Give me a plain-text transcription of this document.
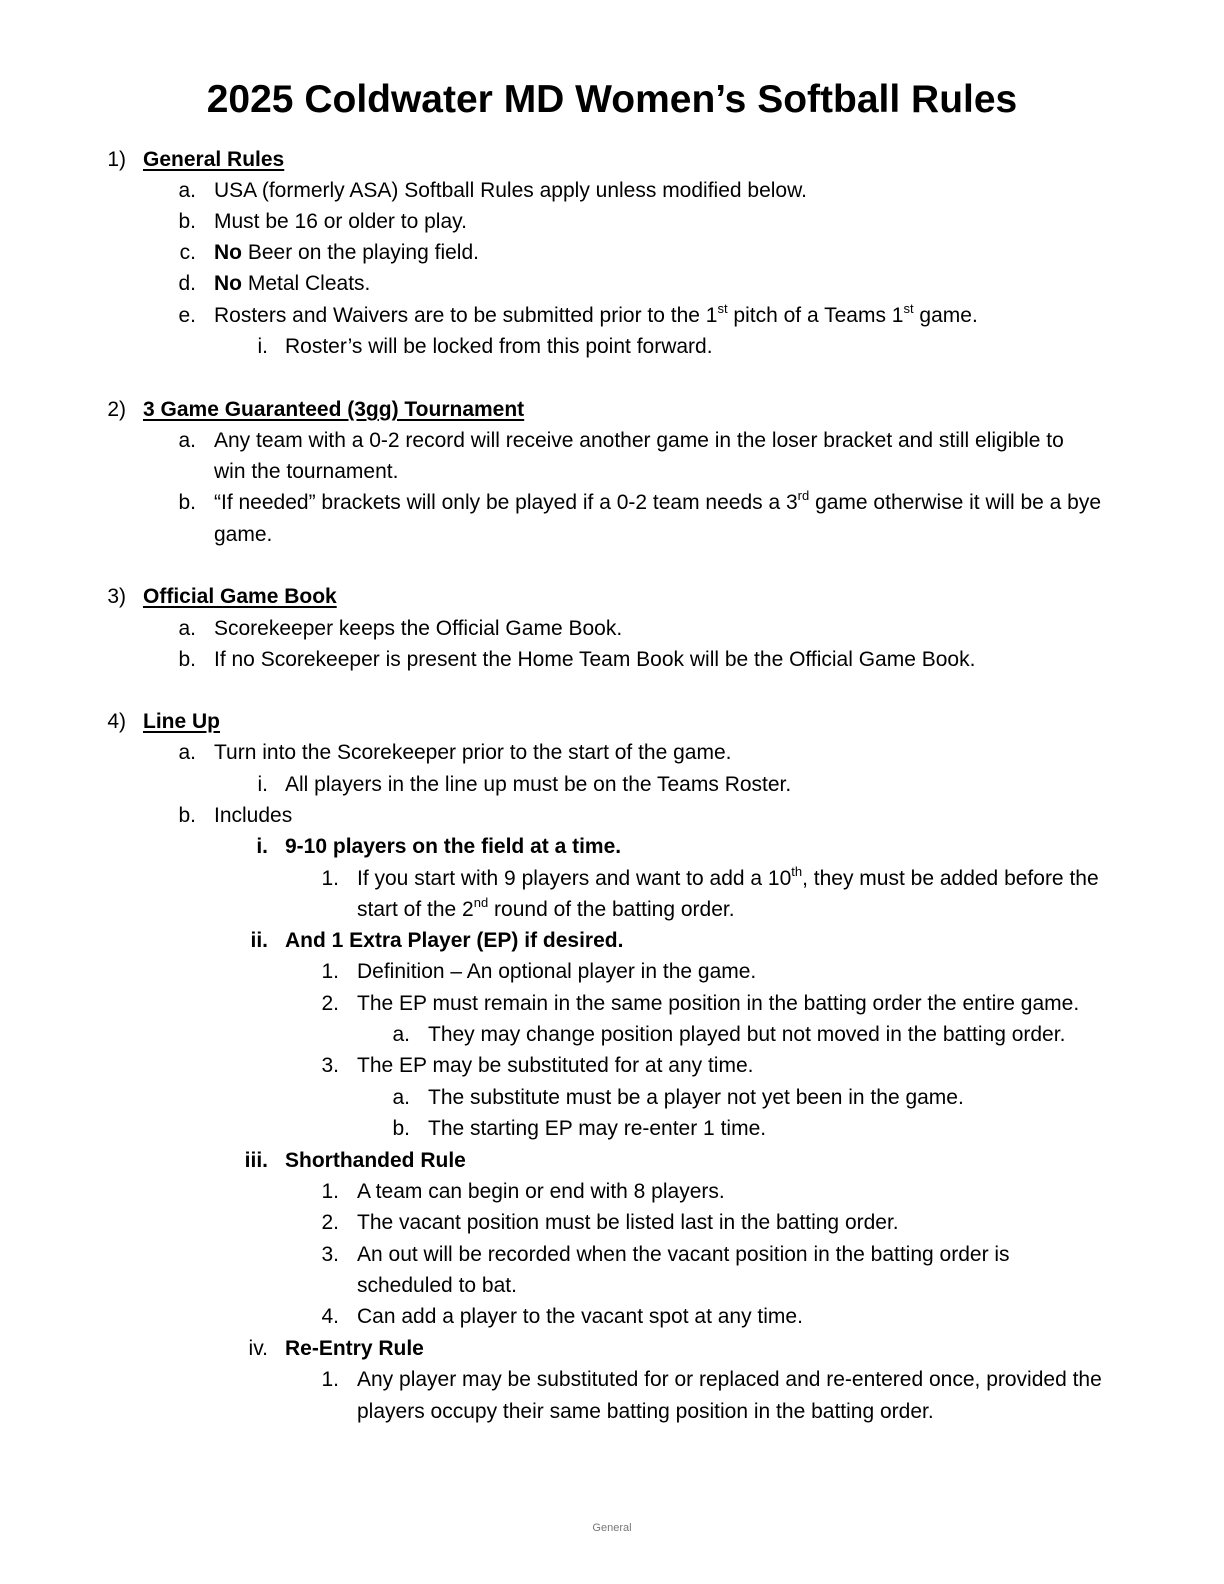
2025 Coldwater MD Women’s Softball Rules
1) General Rules
a. USA (formerly ASA) Softball Rules apply unless modified below.
b. Must be 16 or older to play.
c. No Beer on the playing field.
d. No Metal Cleats.
e. Rosters and Waivers are to be submitted prior to the 1st pitch of a Teams 1st game.
i. Roster’s will be locked from this point forward.
2) 3 Game Guaranteed (3gg) Tournament
a. Any team with a 0-2 record will receive another game in the loser bracket and still eligible to
win the tournament.
b. “If needed” brackets will only be played if a 0-2 team needs a 3rd game otherwise it will be a bye
game.
3) Official Game Book
a. Scorekeeper keeps the Official Game Book.
b. If no Scorekeeper is present the Home Team Book will be the Official Game Book.
4) Line Up
a. Turn into the Scorekeeper prior to the start of the game.
i. All players in the line up must be on the Teams Roster.
b. Includes
i. 9-10 players on the field at a time.
1. If you start with 9 players and want to add a 10th, they must be added before the
start of the 2nd round of the batting order.
ii. And 1 Extra Player (EP) if desired.
1. Definition – An optional player in the game.
2. The EP must remain in the same position in the batting order the entire game.
a. They may change position played but not moved in the batting order.
3. The EP may be substituted for at any time.
a. The substitute must be a player not yet been in the game.
b. The starting EP may re-enter 1 time.
iii. Shorthanded Rule
1. A team can begin or end with 8 players.
2. The vacant position must be listed last in the batting order.
3. An out will be recorded when the vacant position in the batting order is
scheduled to bat.
4. Can add a player to the vacant spot at any time.
iv. Re-Entry Rule
1. Any player may be substituted for or replaced and re-entered once, provided the
players occupy their same batting position in the batting order.
General
